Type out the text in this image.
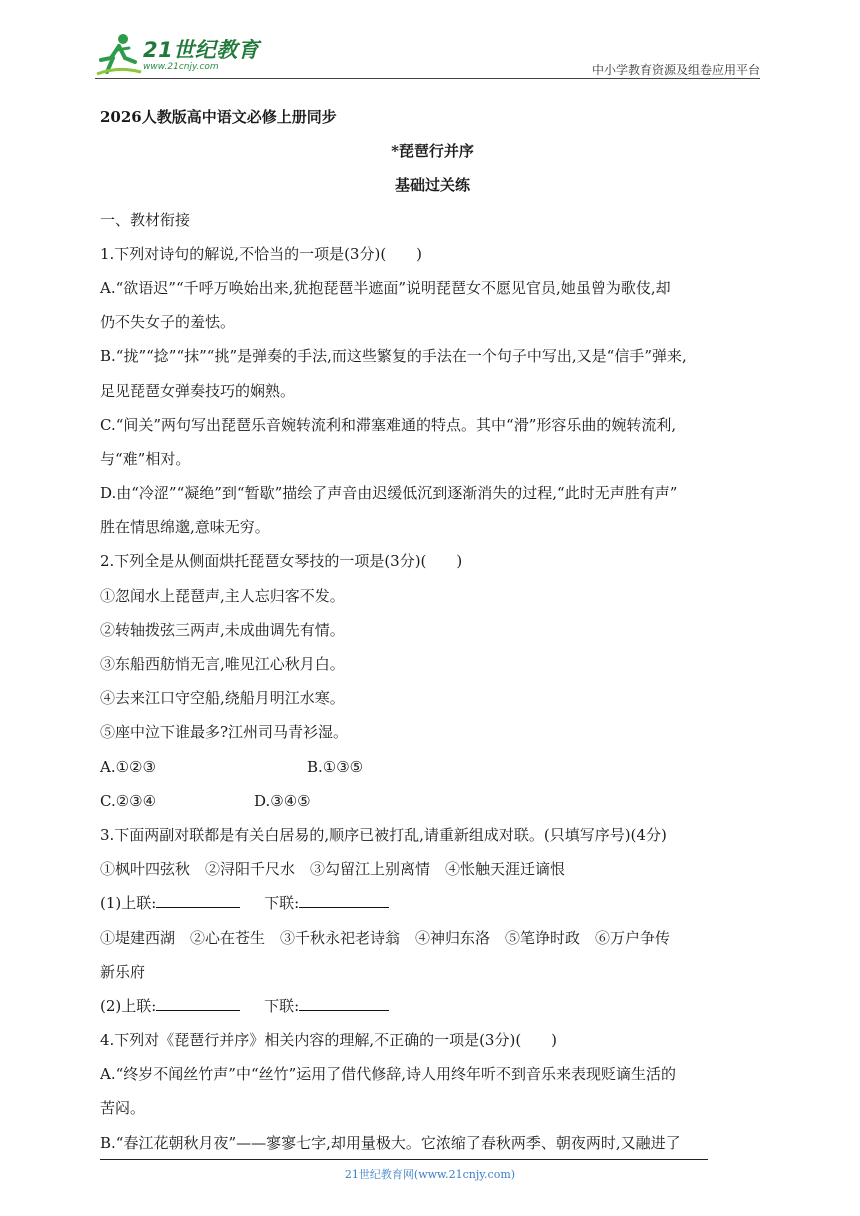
21世纪教育
www.21cnjy.com	中小学教育资源及组卷应用平台
2026人教版高中语文必修上册同步
*琵琶行并序
基础过关练
一、教材衔接
1.下列对诗句的解说,不恰当的一项是(3分)(　　)
A.“欲语迟”“千呼万唤始出来,犹抱琵琶半遮面”说明琵琶女不愿见官员,她虽曾为歌伎,却
仍不失女子的羞怯。
B.“拢”“捻”“抹”“挑”是弹奏的手法,而这些繁复的手法在一个句子中写出,又是“信手”弹来,
足见琵琶女弹奏技巧的娴熟。
C.“间关”两句写出琵琶乐音婉转流利和滞塞难通的特点。其中“滑”形容乐曲的婉转流利,
与“难”相对。
D.由“冷涩”“凝绝”到“暂歇”描绘了声音由迟缓低沉到逐渐消失的过程,“此时无声胜有声”
胜在情思绵邈,意味无穷。
2.下列全是从侧面烘托琵琶女琴技的一项是(3分)(　　)
①忽闻水上琵琶声,主人忘归客不发。
②转轴拨弦三两声,未成曲调先有情。
③东船西舫悄无言,唯见江心秋月白。
④去来江口守空船,绕船月明江水寒。
⑤座中泣下谁最多?江州司马青衫湿。
A.①②③	B.①③⑤
C.②③④	D.③④⑤
3.下面两副对联都是有关白居易的,顺序已被打乱,请重新组成对联。(只填写序号)(4分)
①枫叶四弦秋　②浔阳千尺水　③勾留江上别离情　④怅触天涯迁谪恨
(1)上联:	下联:
①堤建西湖　②心在苍生　③千秋永祀老诗翁　④神归东洛　⑤笔诤时政　⑥万户争传
新乐府
(2)上联:	下联:
4.下列对《琵琶行并序》相关内容的理解,不正确的一项是(3分)(　　)
A.“终岁不闻丝竹声”中“丝竹”运用了借代修辞,诗人用终年听不到音乐来表现贬谪生活的
苦闷。
B.“春江花朝秋月夜”——寥寥七字,却用量极大。它浓缩了春秋两季、朝夜两时,又融进了
21世纪教育网(www.21cnjy.com)
